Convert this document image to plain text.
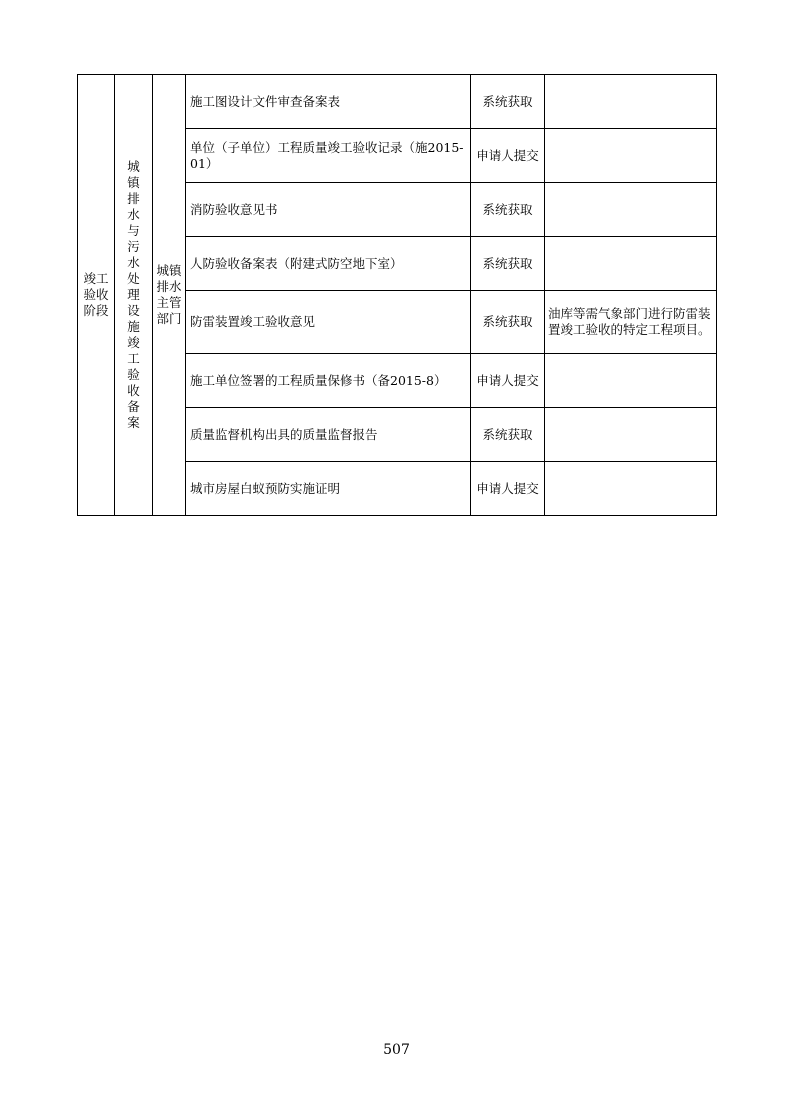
竣工验收阶段	城镇排水与污水处理设施竣工验收备案	城镇排水主管部门	施工图设计文件审查备案表	系统获取	
			单位（子单位）工程质量竣工验收记录（施2015-01）	申请人提交	
			消防验收意见书	系统获取	
			人防验收备案表（附建式防空地下室）	系统获取	
			防雷装置竣工验收意见	系统获取	油库等需气象部门进行防雷装置竣工验收的特定工程项目。
			施工单位签署的工程质量保修书（备2015-8）	申请人提交	
			质量监督机构出具的质量监督报告	系统获取	
			城市房屋白蚁预防实施证明	申请人提交	
507
